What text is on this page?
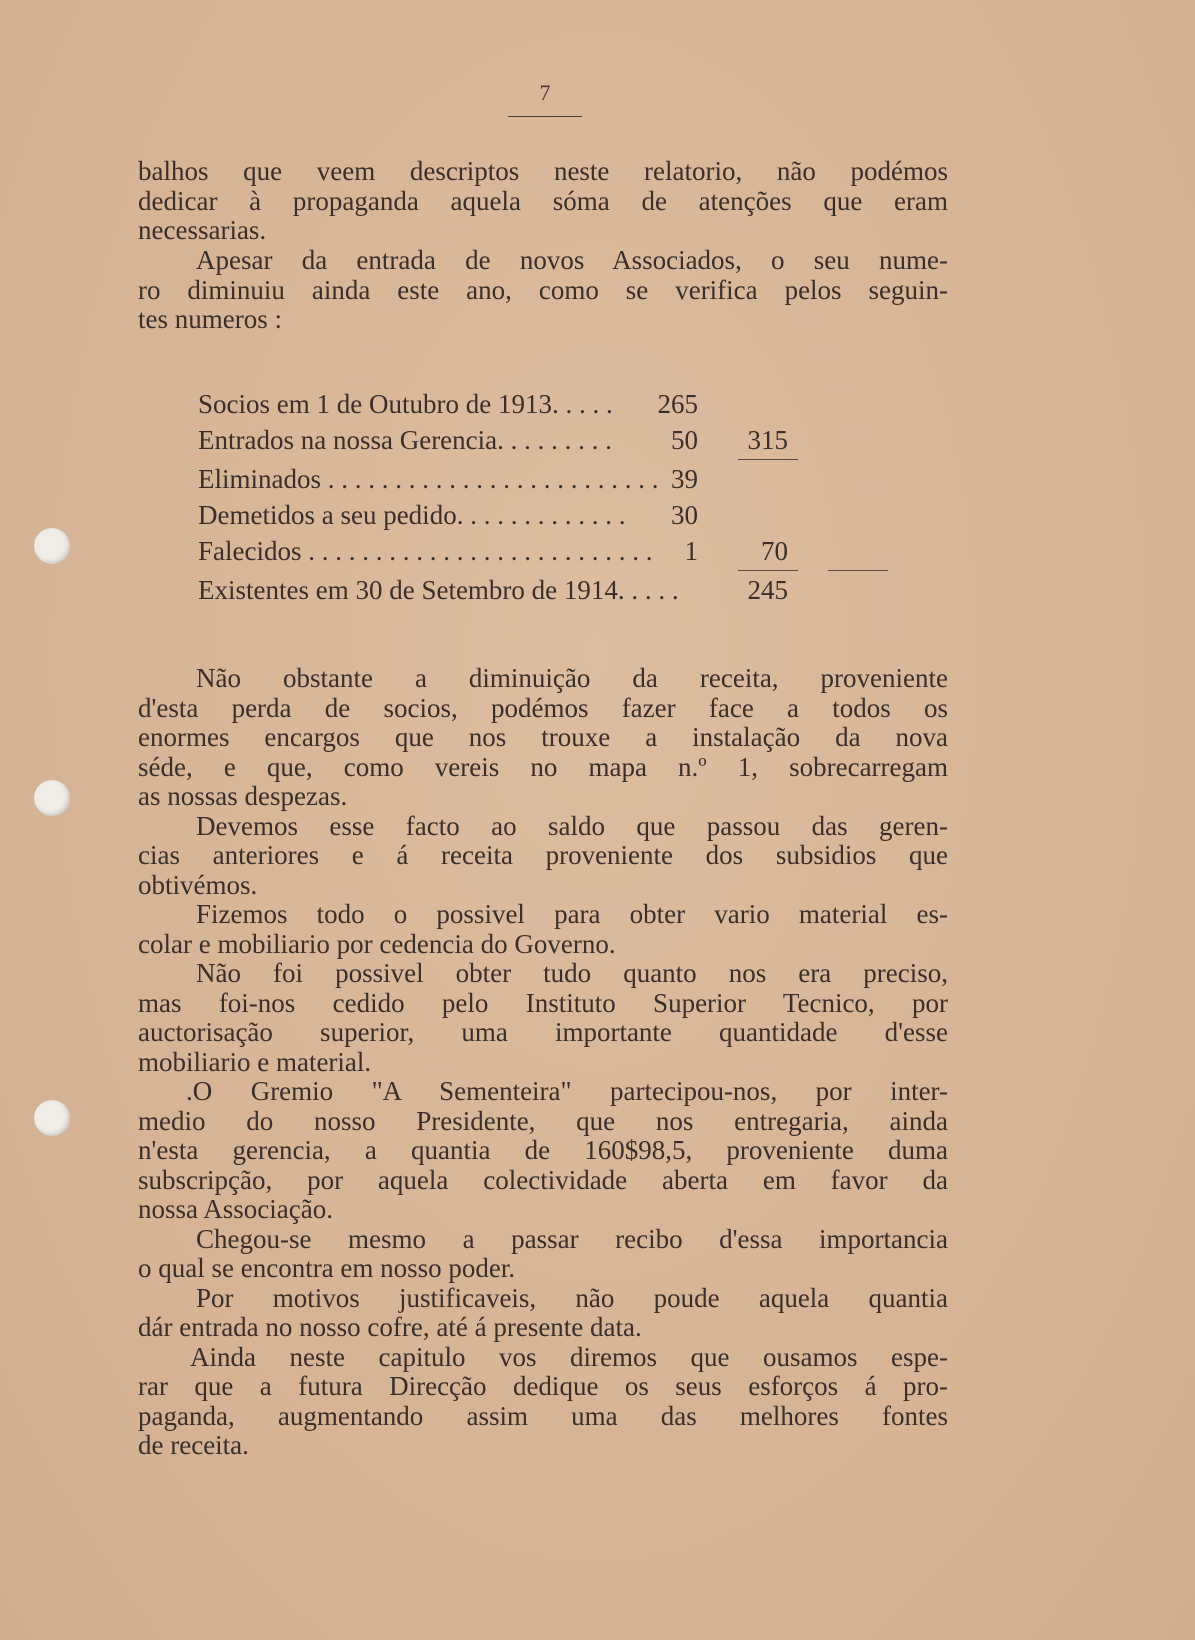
7
balhos que veem descriptos neste relatorio, não podémos
dedicar à propaganda aquela sóma de atenções que eram
necessarias.
Apesar da entrada de novos Associados, o seu nume-
ro diminuiu ainda este ano, como se verifica pelos seguin-
tes numeros :
Socios em 1 de Outubro de 1913. . . . .	265
Entrados na nossa Gerencia. . . . . . . . .	50	315
Eliminados . . . . . . . . . . . . . . . . . . . . . . . . . 39
Demetidos a seu pedido. . . . . . . . . . . . .	30
Falecidos . . . . . . . . . . . . . . . . . . . . . . . . . .	1	70
Existentes em 30 de Setembro de 1914. . . . .	245
Não obstante a diminuição da receita, proveniente
d'esta perda de socios, podémos fazer face a todos os
enormes encargos que nos trouxe a instalação da nova
séde, e que, como vereis no mapa n.º 1, sobrecarregam
as nossas despezas.
Devemos esse facto ao saldo que passou das geren-
cias anteriores e á receita proveniente dos subsidios que
obtivémos.
Fizemos todo o possivel para obter vario material es-
colar e mobiliario por cedencia do Governo.
Não foi possivel obter tudo quanto nos era preciso,
mas foi-nos cedido pelo Instituto Superior Tecnico, por
auctorisação superior, uma importante quantidade d'esse
mobiliario e material.
.O Gremio "A Sementeira" partecipou-nos, por inter-
medio do nosso Presidente, que nos entregaria, ainda
n'esta gerencia, a quantia de 160$98,5, proveniente duma
subscripção, por aquela colectividade aberta em favor da
nossa Associação.
Chegou-se mesmo a passar recibo d'essa importancia
o qual se encontra em nosso poder.
Por motivos justificaveis, não poude aquela quantia
dár entrada no nosso cofre, até á presente data.
Ainda neste capitulo vos diremos que ousamos espe-
rar que a futura Direcção dedique os seus esforços á pro-
paganda, augmentando assim uma das melhores fontes
de receita.
